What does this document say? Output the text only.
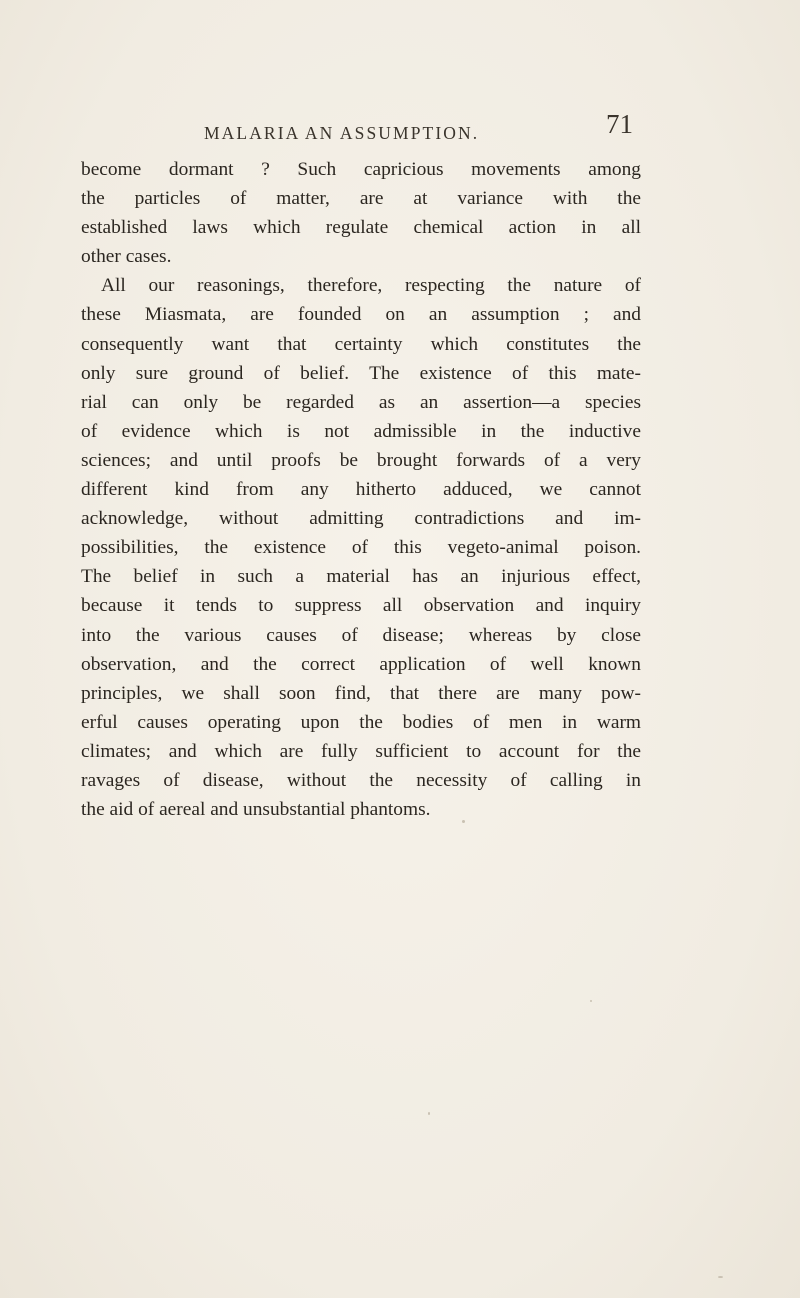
MALARIA AN ASSUMPTION.	71
become dormant ? Such capricious movements among
the particles of matter, are at variance with the
established laws which regulate chemical action in all
other cases.
All our reasonings, therefore, respecting the nature of
these Miasmata, are founded on an assumption ; and
consequently want that certainty which constitutes the
only sure ground of belief. The existence of this mate-
rial can only be regarded as an assertion—a species
of evidence which is not admissible in the inductive
sciences; and until proofs be brought forwards of a very
different kind from any hitherto adduced, we cannot
acknowledge, without admitting contradictions and im-
possibilities, the existence of this vegeto-animal poison.
The belief in such a material has an injurious effect,
because it tends to suppress all observation and inquiry
into the various causes of disease; whereas by close
observation, and the correct application of well known
principles, we shall soon find, that there are many pow-
erful causes operating upon the bodies of men in warm
climates; and which are fully sufficient to account for the
ravages of disease, without the necessity of calling in
the aid of aereal and unsubstantial phantoms.
